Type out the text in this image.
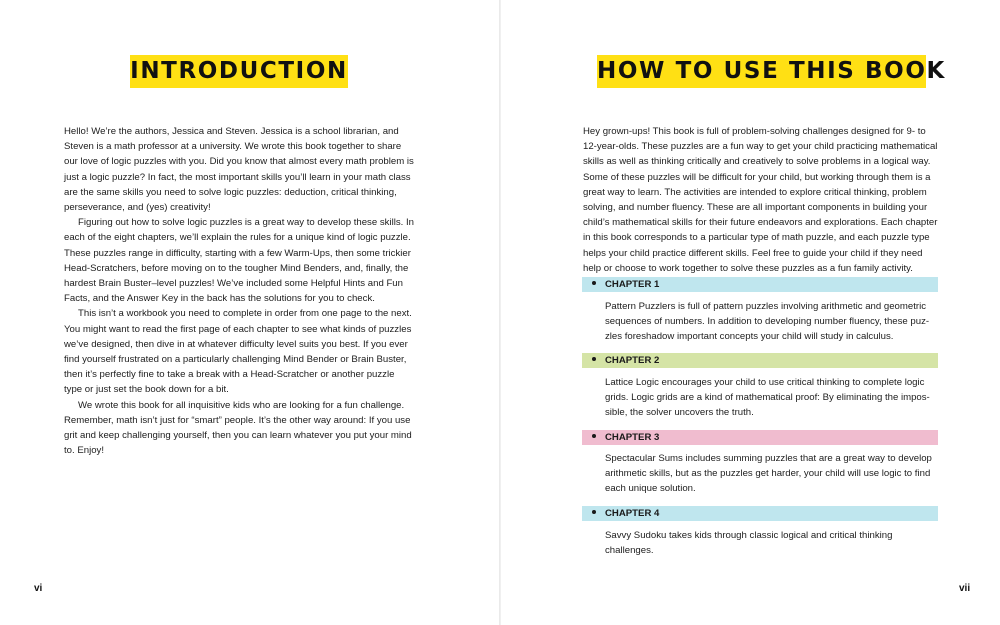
INTRODUCTION

Hello! We’re the authors, Jessica and Steven. Jessica is a school librarian, and Steven is a math professor at a university. We wrote this book together to share our love of logic puzzles with you. Did you know that almost every math problem is just a logic puzzle? In fact, the most important skills you’ll learn in your math class are the same skills you need to solve logic puzzles: deduction, critical thinking, perseverance, and (yes) creativity!

Figuring out how to solve logic puzzles is a great way to develop these skills. In each of the eight chapters, we’ll explain the rules for a unique kind of logic puzzle. These puzzles range in difficulty, starting with a few Warm-Ups, then some trickier Head-Scratchers, before moving on to the tougher Mind Benders, and, finally, the hardest Brain Buster–level puzzles! We’ve included some Helpful Hints and Fun Facts, and the Answer Key in the back has the solutions for you to check.

This isn’t a workbook you need to complete in order from one page to the next. You might want to read the first page of each chapter to see what kinds of puzzles we’ve designed, then dive in at whatever difficulty level suits you best. If you ever find yourself frustrated on a particularly challenging Mind Bender or Brain Buster, then it’s perfectly fine to take a break with a Head-Scratcher or another puzzle type or just set the book down for a bit.

We wrote this book for all inquisitive kids who are looking for a fun challenge. Remember, math isn’t just for “smart” people. It’s the other way around: If you use grit and keep challenging yourself, then you can learn whatever you put your mind to. Enjoy!

vi
HOW TO USE THIS BOOK
Hey grown-ups! This book is full of problem-solving challenges designed for 9- to 12-year-olds. These puzzles are a fun way to get your child practicing mathematical skills as well as thinking critically and creatively to solve problems in a logical way. Some of these puzzles will be difficult for your child, but working through them is a great way to learn. The activities are intended to explore critical thinking, problem solving, and number fluency. These are all important components in building your child’s mathematical skills for their future endeavors and explorations. Each chapter in this book corresponds to a particular type of math puzzle, and each puzzle type helps your child practice different skills. Feel free to guide your child if they need help or choose to work together to solve these puzzles as a fun family activity.
CHAPTER 1
Pattern Puzzlers is full of pattern puzzles involving arithmetic and geometric sequences of numbers. In addition to developing number fluency, these puz-zles foreshadow important concepts your child will study in calculus.
CHAPTER 2
Lattice Logic encourages your child to use critical thinking to complete logic grids. Logic grids are a kind of mathematical proof: By eliminating the impos-sible, the solver uncovers the truth.
CHAPTER 3
Spectacular Sums includes summing puzzles that are a great way to develop arithmetic skills, but as the puzzles get harder, your child will use logic to find each unique solution.
CHAPTER 4
Savvy Sudoku takes kids through classic logical and critical thinking challenges.
vii
